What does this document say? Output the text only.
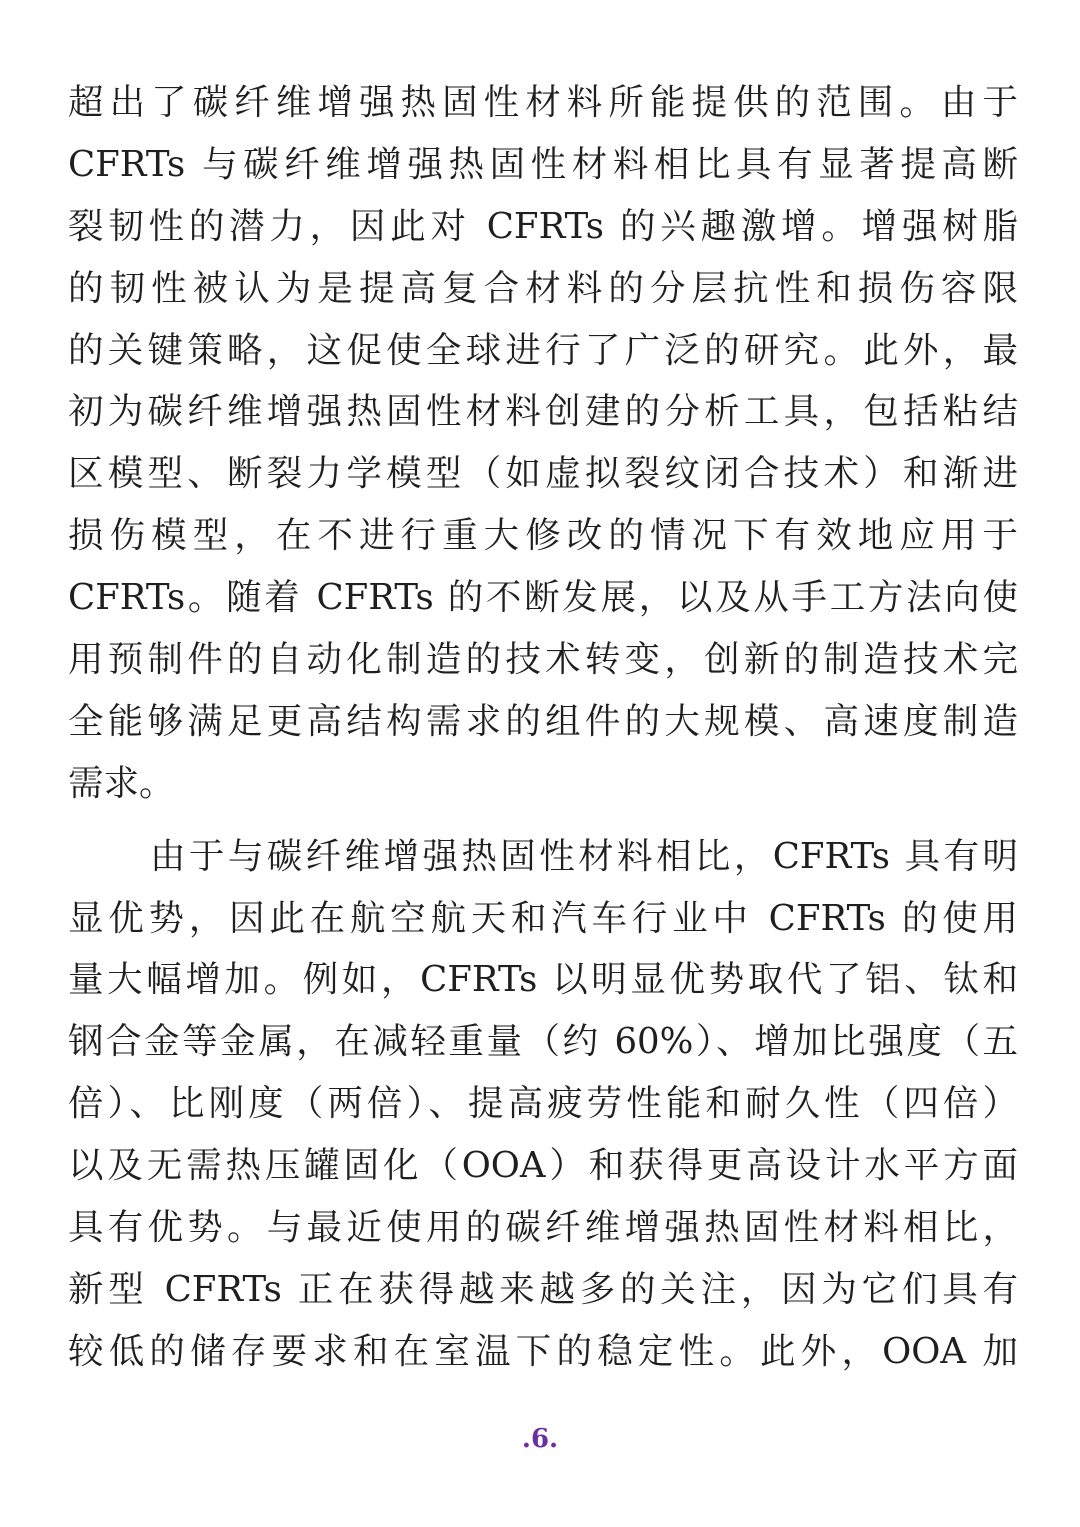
超出了碳纤维增强热固性材料所能提供的范围。由于
CFRTs 与碳纤维增强热固性材料相比具有显著提高断
裂韧性的潜力，因此对 CFRTs 的兴趣激增。增强树脂
的韧性被认为是提高复合材料的分层抗性和损伤容限
的关键策略，这促使全球进行了广泛的研究。此外，最
初为碳纤维增强热固性材料创建的分析工具，包括粘结
区模型、断裂力学模型（如虚拟裂纹闭合技术）和渐进
损伤模型，在不进行重大修改的情况下有效地应用于
CFRTs。随着 CFRTs 的不断发展，以及从手工方法向使
用预制件的自动化制造的技术转变，创新的制造技术完
全能够满足更高结构需求的组件的大规模、高速度制造
需求。
由于与碳纤维增强热固性材料相比，CFRTs 具有明
显优势，因此在航空航天和汽车行业中 CFRTs 的使用
量大幅增加。例如，CFRTs 以明显优势取代了铝、钛和
钢合金等金属，在减轻重量（约 60%）、增加比强度（五
倍）、比刚度（两倍）、提高疲劳性能和耐久性（四倍）
以及无需热压罐固化（OOA）和获得更高设计水平方面
具有优势。与最近使用的碳纤维增强热固性材料相比，
新型 CFRTs 正在获得越来越多的关注，因为它们具有
较低的储存要求和在室温下的稳定性。此外，OOA 加
.6.
